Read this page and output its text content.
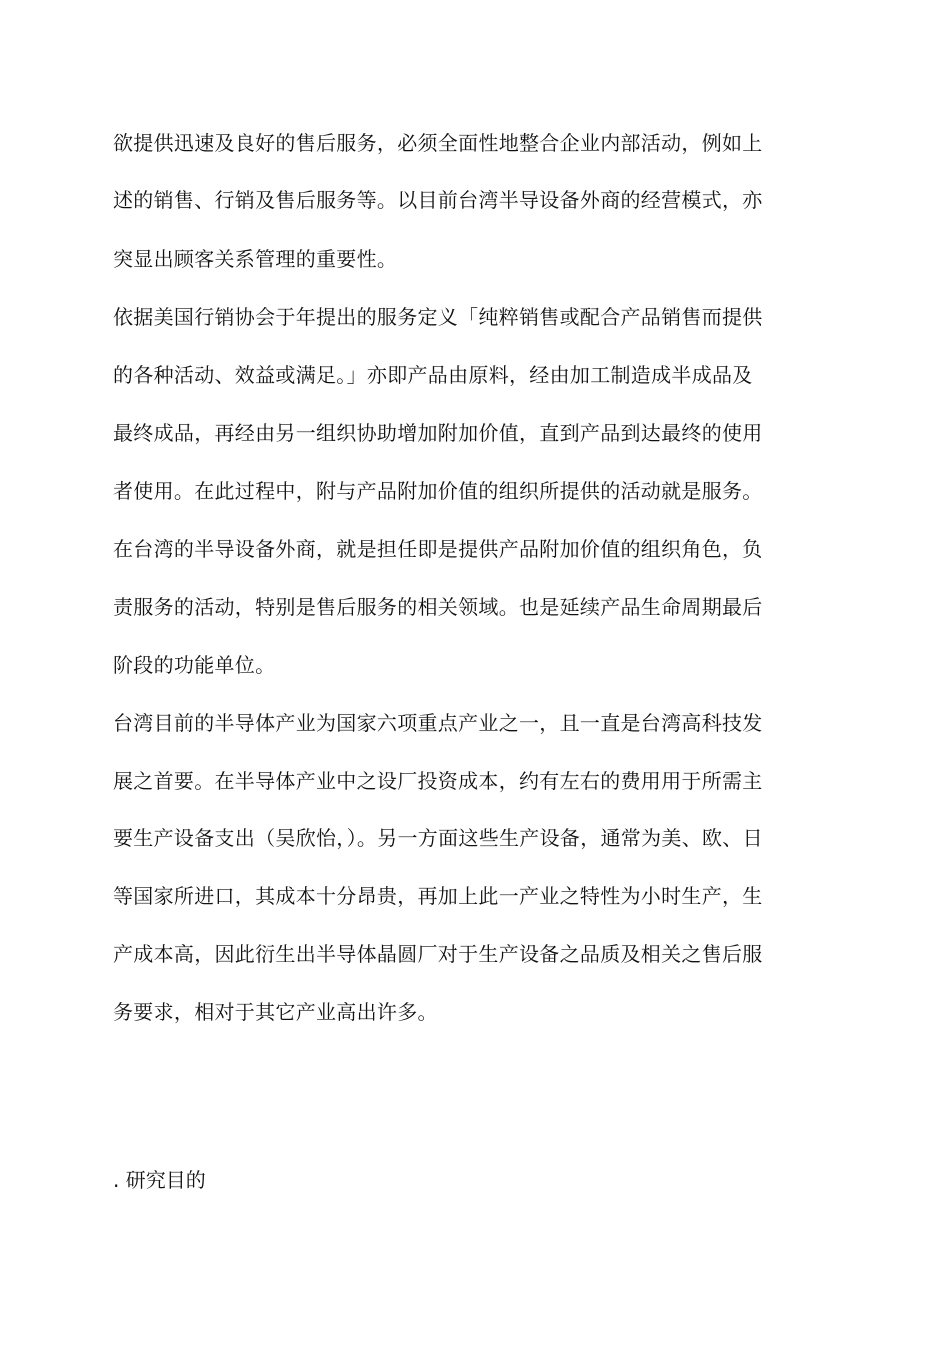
欲提供迅速及良好的售后服务，必须全面性地整合企业内部活动，例如上
述的销售、行销及售后服务等。以目前台湾半导设备外商的经营模式，亦
突显出顾客关系管理的重要性。
依据美国行销协会于年提出的服务定义「纯粹销售或配合产品销售而提供
的各种活动、效益或满足。」亦即产品由原料，经由加工制造成半成品及
最终成品，再经由另一组织协助增加附加价值，直到产品到达最终的使用
者使用。在此过程中，附与产品附加价值的组织所提供的活动就是服务。
在台湾的半导设备外商，就是担任即是提供产品附加价值的组织角色，负
责服务的活动，特别是售后服务的相关领域。也是延续产品生命周期最后
阶段的功能单位。
台湾目前的半导体产业为国家六项重点产业之一，且一直是台湾高科技发
展之首要。在半导体产业中之设厂投资成本，约有左右的费用用于所需主
要生产设备支出（吴欣怡，）。另一方面这些生产设备，通常为美、欧、日
等国家所进口，其成本十分昂贵，再加上此一产业之特性为小时生产，生
产成本高，因此衍生出半导体晶圆厂对于生产设备之品质及相关之售后服
务要求，相对于其它产业高出许多。
. 研究目的
